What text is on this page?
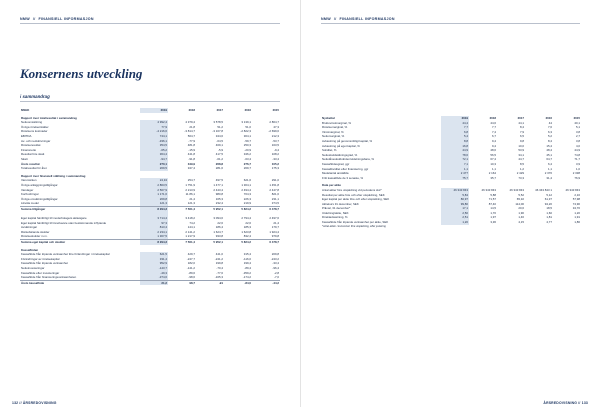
NMW // FINANSIELL INFORMASJON
Konsernens utveckling
i sammandrag
MSEK	2019	2018	2017	2016	2015
Rapport över totalresultat i sammandrag					
Nettoomsättning	4 992,4	4 379,4	3 578,5	3 139,1	2 864,7
Övriga rörelseintäkter	77,9	21,8	51,2	51,0	47,3
Rörelsens kostnader	-4 216,6	-3 814,7	-3 167,8	-2 822,3	-2 699,6
EBITDA	744,1	564,7	344,6	304,1	212,3
Av- och nedskrivningar	-336,1	-77,9	-64,5	-59,7	-53,7
Rörelseresultat	354,5	481,8	469,1	250,3	163,5
Finansnetto	-65,2	-15,9	-5,9	-20,9	-9,4
Resultat före skatt	364,4	441,8	417,5	346,2	108,2
Skatt	-94,7	-91,8	-61,2	-63,4	-33,4
Årets resultat	270,1	349,9	268,8	276,7	105,2
Totalresultat för året	269,5	347,4	281,6	269,7	175,3
Rapport över finansiell ställning i sammandrag					
Varumärken	24,34	254,7	497,5	621,6	291,0
Övriga anläggningstillgångar	2 863,5	1 751,9	1 477,1	1 304,1	1 451,8
Varulager	2 567,9	2 213,9	2 443,4	2 494,4	2 447,8
Kortfordringar	1 171,6	11 86,1	980,8	704,3	821,6
Övriga omsättningstillgångar	269,8	21,4	165,3	226,3	231,1
Likvida medel	121,3	121,3	232,4	219,9	374,5
Summa tillgångar	8 294,3	7 561,4	5 952,1	5 824,2	6 478,7

Eget kapital hänförligt till moderbolagets aktieägare	3 714,4	3 418,2	3 094,6	2 794,4	2 497,6
Eget kapital hänförligt till innehavare utan bestämmande inflytande	97,3	74,2	22,6	22,6	21,4
Avsättningar	813,4	144,1	186,4	185,3	179,7
Räntebärande skulder	2 234,1	2 141,2	1 624,7	1 623,8	1 924,4
Rörelseskulder m.m.	1 307,5	1 217,9	933,8	832,4	979,8
Summa eget kapital och skulder	8 294,3	7 561,4	5 952,1	5 824,2	6 478,7
Kassaflöden					
Kassaflöde från löpande verksamhet före förändringar i rörelsekapital	621,5	429,7	441,0	315,4	209,8
Förändringar av rörelsekapital	331,4	-247,7	-241,2	-116,0	-243,2
Kassaflöde från löpande verksamhet	952,9	182,0	199,8	199,4	-33,4
Nettoinvesteringar	-143,7	-141,2	-70,4	-89,4	-96,4
Kassaflöde efter investeringar	-49,3	-89,6	-77,6	-359,2	-2,8
Kassaflöde från finansieringsverksamheten	-374,6	-98,6	-165,3	-174,2	-7,0
Årets kassaflöde	21,2	98,7	-91	-84,0	-44,2
132 // ÅRSREDOVISNING
NMW // FINANSIELL INFORMASJON
Nyckeltal	2019	2018	2017	2016	2015
Bruttovinstmarginal, %	44,4	44,6	44,1	44	40,1
Rörelsemarginal, %	7,7	7,7	8,4	7,6	5,1
Vinstmarginal, %	6,8	7,4	7,9	6,3	3,8
Nettomarginal, %	5,4	6,7	6,5	5,2	2,7
Avkastning på genomsnittligt kapital, %	8,8	9,4	9,8	8,4	3,8
Avkastning på eget kapital, %	16,8	9,4	10,0	15,4	4,0
Soliditet, %	44,9	48,6	53,9	48,4	44,9
Nettoskuldsättningsgrad, %	78,6	56,5	34,1	45,1	74,8
Nettolåneskuldvärden/utdelningsbara, %	72,1	67,4	44,7	64,7	71,7
Kassaflödesgrad, ggr	7,1	10,3	8,5	6,4	3,9
Kassalikviditet efter finansiering, ggr	1,1	1,1	1,2	1,1	1,0
Medelantal anställda	2 477	2 164	2 429	2 376	2 338
Fritt kassaflöde de 3 senaste, %	75,7	35,7	73,3	31,4	76,9
Data per aktie					
Antal aktier före utspädning vid periodens slut*	46 343 843	46 343 843	46 343 843	46 343 843 1	46 343 843
Resultat per aktie före och efter utspädning, SEK	5,84	5,88	5,52	5,12	2,16
Eget kapital per aktie före och efter utspädning, SEK	80,97	71,57	65,32	61,37	57,98
Aktiekurs 31 december, SEK	99,80	87,40	114,00	94,20	74,90
P/E-tal, 31 december*	17,1	14,5	20,6	18,5	34,70
Utdelning/aktie, SEK	2,50	1,70	1,90	1,60	1,20
Direktavkastning, %	2,51	1,97	1,46	1,81	1,91
Kassaflöde från löpande verksamhet per aktie, SEK	1,20	3,36	4,15	4,77	1,86
*Antal aktier i koncernen före utspädning, efter justering					
ÅRSREDOVISNING // 133
